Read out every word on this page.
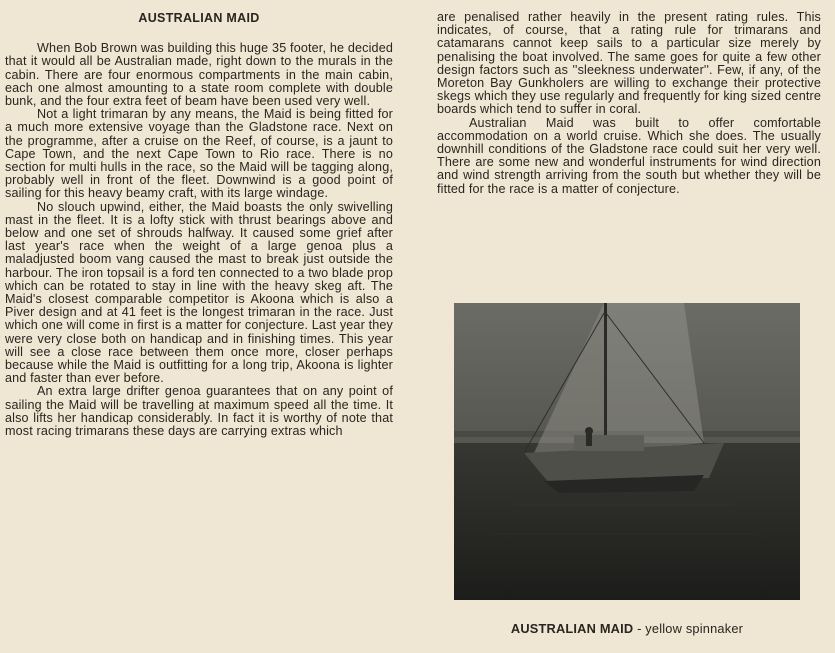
AUSTRALIAN MAID

When Bob Brown was building this huge 35 footer, he decided that it would all be Australian made, right down to the murals in the cabin. There are four enormous compartments in the main cabin, each one almost amounting to a state room complete with double bunk, and the four extra feet of beam have been used very well.

Not a light trimaran by any means, the Maid is being fitted for a much more extensive voyage than the Gladstone race. Next on the programme, after a cruise on the Reef, of course, is a jaunt to Cape Town, and the next Cape Town to Rio race. There is no section for multi hulls in the race, so the Maid will be tagging along, probably well in front of the fleet. Downwind is a good point of sailing for this heavy beamy craft, with its large windage.

No slouch upwind, either, the Maid boasts the only swivelling mast in the fleet. It is a lofty stick with thrust bearings above and below and one set of shrouds halfway. It caused some grief after last year's race when the weight of a large genoa plus a maladjusted boom vang caused the mast to break just outside the harbour. The iron topsail is a ford ten connected to a two blade prop which can be rotated to stay in line with the heavy skeg aft. The Maid's closest comparable competitor is Akoona which is also a Piver design and at 41 feet is the longest trimaran in the race. Just which one will come in first is a matter for conjecture. Last year they were very close both on handicap and in finishing times. This year will see a close race between them once more, closer perhaps because while the Maid is outfitting for a long trip, Akoona is lighter and faster than ever before.

An extra large drifter genoa guarantees that on any point of sailing the Maid will be travelling at maximum speed all the time. It also lifts her handicap considerably. In fact it is worthy of note that most racing trimarans these days are carrying extras which

are penalised rather heavily in the present rating rules. This indicates, of course, that a rating rule for trimarans and catamarans cannot keep sails to a particular size merely by penalising the boat involved. The same goes for quite a few other design factors such as ''sleekness underwater''. Few, if any, of the Moreton Bay Gunkholers are willing to exchange their protective skegs which they use regularly and frequently for king sized centre boards which tend to suffer in coral.

Australian Maid was built to offer comfortable accommodation on a world cruise. Which she does. The usually downhill conditions of the Gladstone race could suit her very well. There are some new and wonderful instruments for wind direction and wind strength arriving from the south but whether they will be fitted for the race is a matter of conjecture.

AUSTRALIAN MAID - yellow spinnaker
